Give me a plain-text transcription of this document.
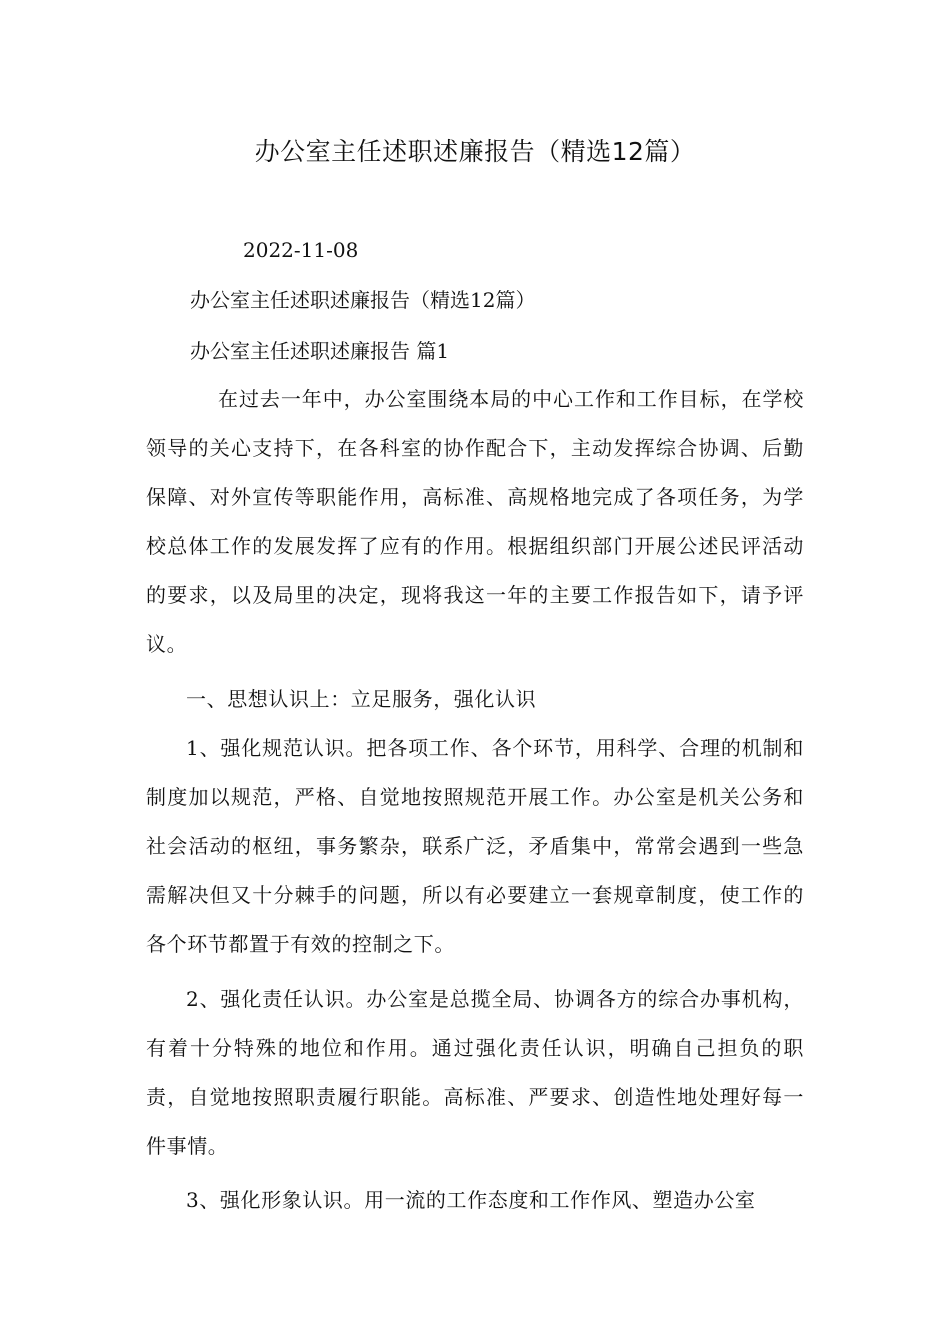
办公室主任述职述廉报告（精选12篇）
2022-11-08
办公室主任述职述廉报告（精选12篇）
办公室主任述职述廉报告 篇1
在过去一年中，办公室围绕本局的中心工作和工作目标，在学校领导的关心支持下，在各科室的协作配合下，主动发挥综合协调、后勤保障、对外宣传等职能作用，高标准、高规格地完成了各项任务，为学校总体工作的发展发挥了应有的作用。根据组织部门开展公述民评活动的要求，以及局里的决定，现将我这一年的主要工作报告如下，请予评议。
一、思想认识上：立足服务，强化认识
1、强化规范认识。把各项工作、各个环节，用科学、合理的机制和制度加以规范，严格、自觉地按照规范开展工作。办公室是机关公务和社会活动的枢纽，事务繁杂，联系广泛，矛盾集中，常常会遇到一些急需解决但又十分棘手的问题，所以有必要建立一套规章制度，使工作的各个环节都置于有效的控制之下。
2、强化责任认识。办公室是总揽全局、协调各方的综合办事机构，有着十分特殊的地位和作用。通过强化责任认识，明确自己担负的职责，自觉地按照职责履行职能。高标准、严要求、创造性地处理好每一件事情。
3、强化形象认识。用一流的工作态度和工作作风、塑造办公室
